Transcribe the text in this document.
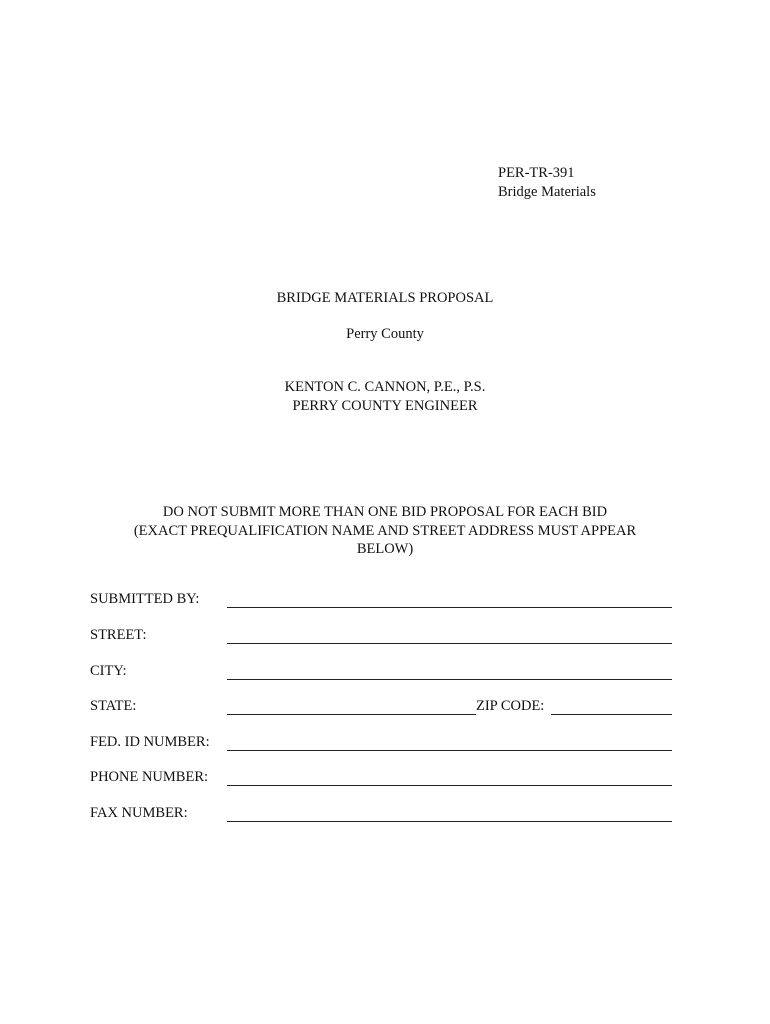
PER-TR-391
Bridge Materials
BRIDGE MATERIALS PROPOSAL
Perry County
KENTON C. CANNON, P.E., P.S.
PERRY COUNTY ENGINEER
DO NOT SUBMIT MORE THAN ONE BID PROPOSAL FOR EACH BID
(EXACT PREQUALIFICATION NAME AND STREET ADDRESS MUST APPEAR
BELOW)
SUBMITTED BY:
STREET:
CITY:
STATE:	ZIP CODE:
FED. ID NUMBER:
PHONE NUMBER:
FAX NUMBER:
